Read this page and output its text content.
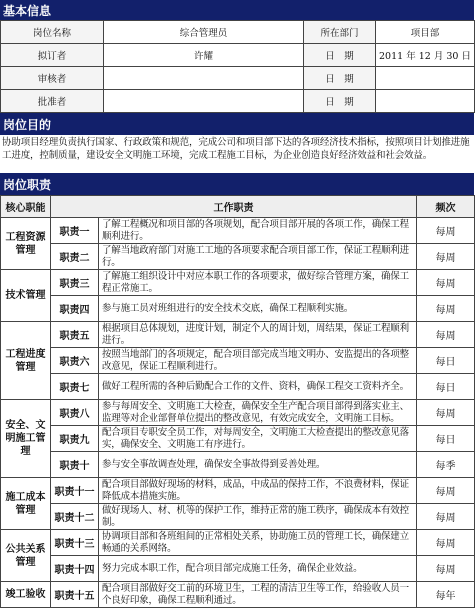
基本信息
岗位名称	综合管理员	所在部门	项目部
拟订者	许耀	日　期	2011 年 12 月 30 日
审核者		日　期	
批准者		日　期	
岗位目的
协助项目经理负责执行国家、行政政策和规范，完成公司和项目部下达的各项经济技术指标，按照项目计划推进施工进度，控制质量，建设安全文明施工环境，完成工程施工目标，为企业创造良好经济效益和社会效益。
岗位职责
核心职能	工作职责		频次
工程资源管理	职责一	了解工程概况和项目部的各项规划，配合项目部开展的各项工作，确保工程顺利进行。	每周
	职责二	了解当地政府部门对施工工地的各项要求配合项目部工作，保证工程顺利进行。	每周
技术管理	职责三	了解施工组织设计中对应本职工作的各项要求，做好综合管理方案，确保工程正常施工。	每周
	职责四	参与施工员对班组进行的安全技术交底，确保工程顺利实施。	每周
工程进度管理	职责五	根据项目总体规划，进度计划，制定个人的周计划，周结果，保证工程顺利进行。	每周
	职责六	按照当地部门的各项规定，配合项目部完成当地文明办、安监提出的各项整改意见，保证工程顺利进行。	每日
	职责七	做好工程所需的各种后勤配合工作的文件、资料，确保工程交工资料齐全。	每日
安全、文明施工管理	职责八	参与每周安全、文明施工大检查，确保安全生产配合项目部得到落实业主、监理等对企业部督单位提出的整改意见，有效完成安全，文明施工目标。	每周
	职责九	配合项目专职安全员工作，对每周安全，文明施工大检查提出的整改意见落实，确保安全、文明施工有序进行。	每日
	职责十	参与安全事故调查处理，确保安全事故得到妥善处理。	每季
施工成本管理	职责十一	配合项目部做好现场的材料，成品，中成品的保持工作，不浪费材料，保证降低成本措施实施。	每周
	职责十二	做好现场人、材、机等的保护工作，维持正常的施工秩序，确保成本有效控制。	每周
公共关系管理	职责十三	协调项目部和各班组间的正常相处关系，协助施工员的管理工长，确保建立畅通的关系网络。	每周
	职责十四	努力完成本职工作，配合项目部完成施工任务，确保企业效益。	每周
竣工验收	职责十五	配合项目部做好交工前的环境卫生，工程的清洁卫生等工作，给验收人员一个良好印象，确保工程顺利通过。	每年
